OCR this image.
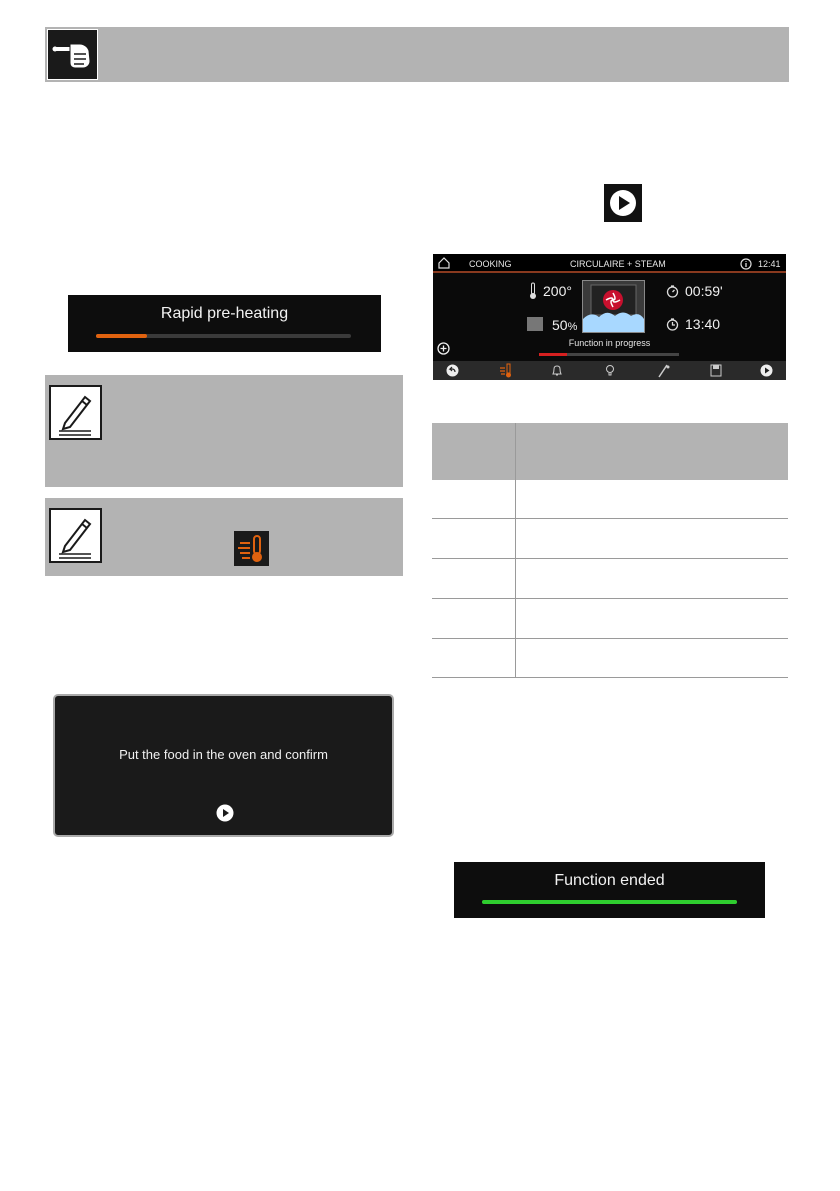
Rapid pre-heating
COOKING	CIRCULAIRE + STEAM	12:41
200°
50%
00:59'
13:40
Function in progress
Put the food in the oven and confirm
Function ended
